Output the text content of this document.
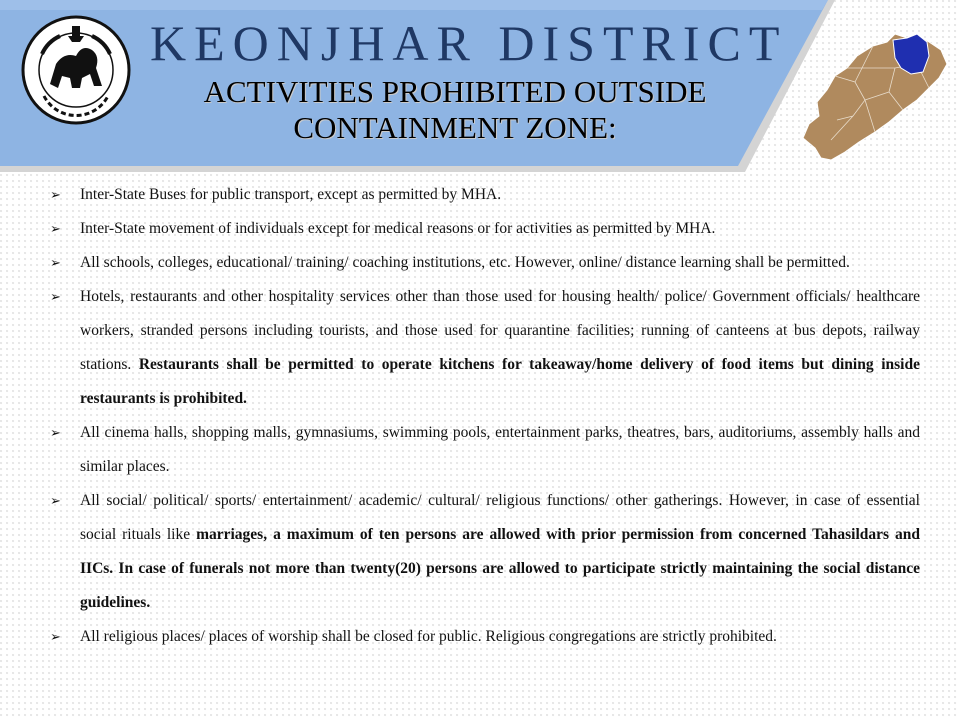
KEONJHAR DISTRICT
ACTIVITIES PROHIBITED OUTSIDE
CONTAINMENT ZONE:
➢ Inter-State Buses for public transport, except as permitted by MHA.
➢ Inter-State movement of individuals except for medical reasons or for activities as permitted by MHA.
➢ All schools, colleges, educational/ training/ coaching institutions, etc. However, online/ distance learning shall be permitted.
➢ Hotels, restaurants and other hospitality services other than those used for housing health/ police/ Government officials/ healthcare workers, stranded persons including tourists, and those used for quarantine facilities; running of canteens at bus depots, railway stations. Restaurants shall be permitted to operate kitchens for takeaway/home delivery of food items but dining inside restaurants is prohibited.
➢ All cinema halls, shopping malls, gymnasiums, swimming pools, entertainment parks, theatres, bars, auditoriums, assembly halls and similar places.
➢ All social/ political/ sports/ entertainment/ academic/ cultural/ religious functions/ other gatherings. However, in case of essential social rituals like marriages, a maximum of ten persons are allowed with prior permission from concerned Tahasildars and IICs. In case of funerals not more than twenty(20) persons are allowed to participate strictly maintaining the social distance guidelines.
➢ All religious places/ places of worship shall be closed for public. Religious congregations are strictly prohibited.
